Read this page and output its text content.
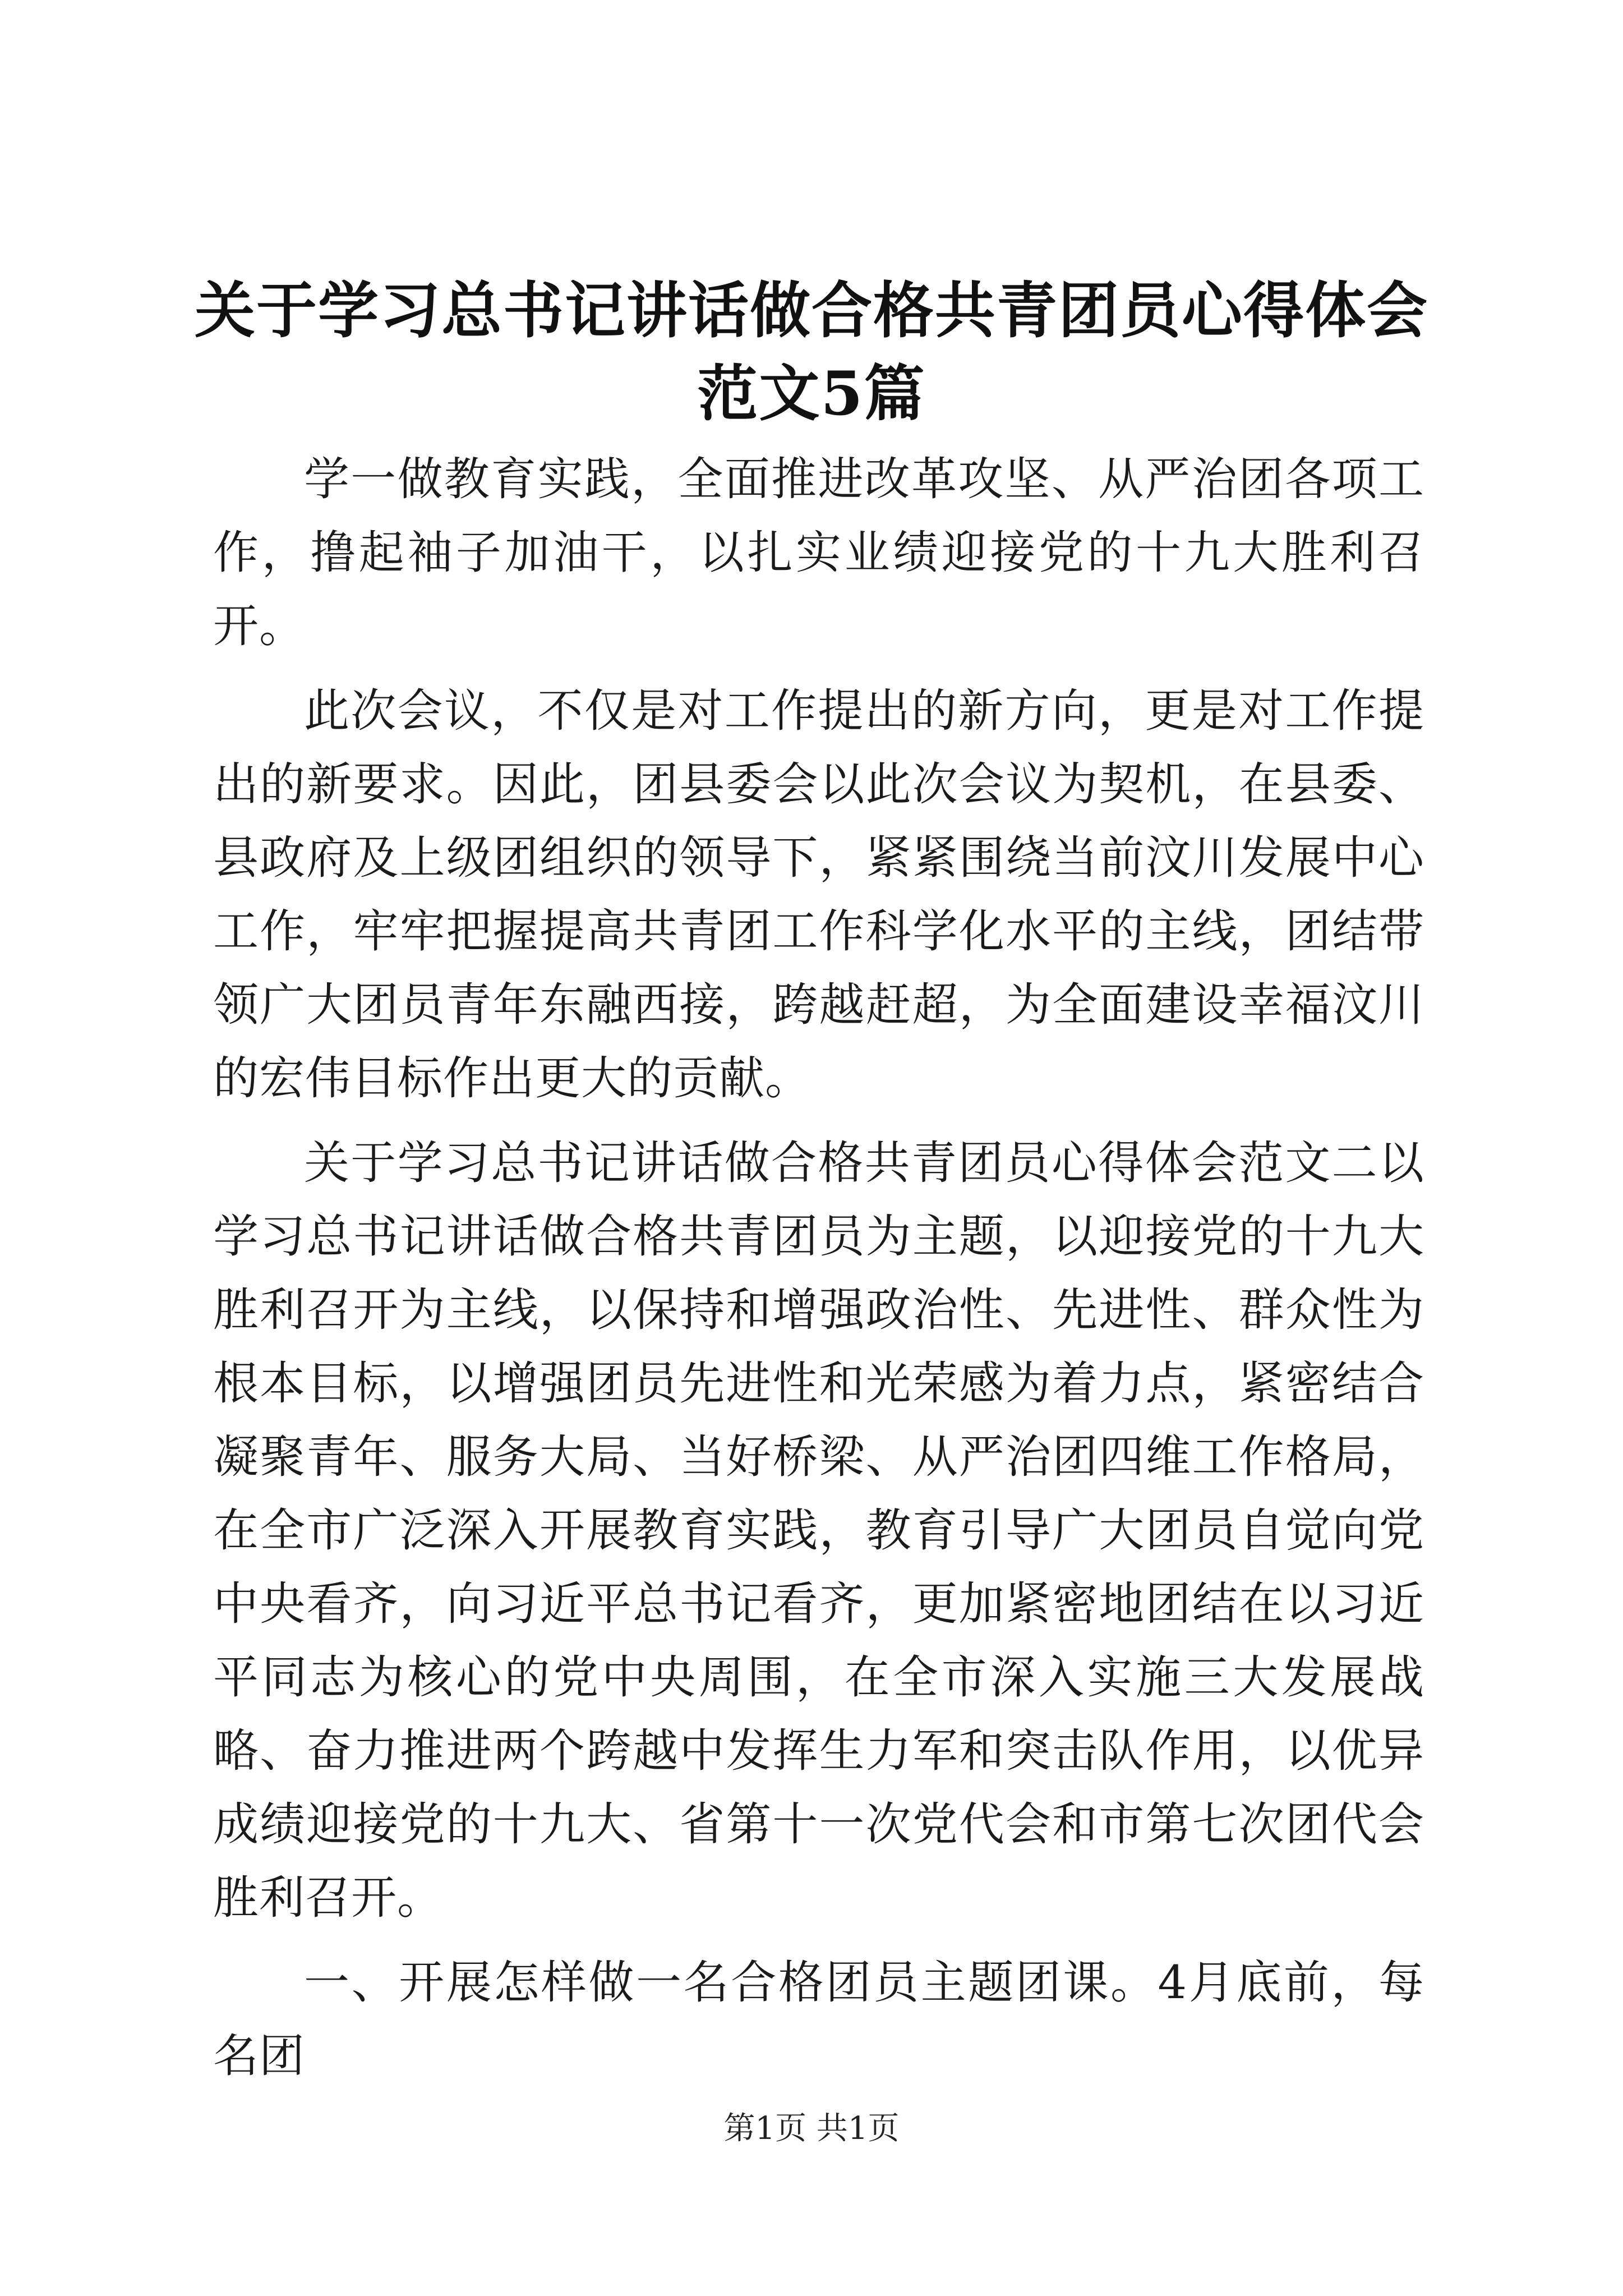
关于学习总书记讲话做合格共青团员心得体会
范文5篇

学一做教育实践，全面推进改革攻坚、从严治团各项工作，撸起袖子加油干，以扎实业绩迎接党的十九大胜利召开。

此次会议，不仅是对工作提出的新方向，更是对工作提出的新要求。因此，团县委会以此次会议为契机，在县委、县政府及上级团组织的领导下，紧紧围绕当前汶川发展中心工作，牢牢把握提高共青团工作科学化水平的主线，团结带领广大团员青年东融西接，跨越赶超，为全面建设幸福汶川的宏伟目标作出更大的贡献。

关于学习总书记讲话做合格共青团员心得体会范文二以学习总书记讲话做合格共青团员为主题，以迎接党的十九大胜利召开为主线，以保持和增强政治性、先进性、群众性为根本目标，以增强团员先进性和光荣感为着力点，紧密结合凝聚青年、服务大局、当好桥梁、从严治团四维工作格局，在全市广泛深入开展教育实践，教育引导广大团员自觉向党中央看齐，向习近平总书记看齐，更加紧密地团结在以习近平同志为核心的党中央周围，在全市深入实施三大发展战略、奋力推进两个跨越中发挥生力军和突击队作用，以优异成绩迎接党的十九大、省第十一次党代会和市第七次团代会胜利召开。

一、开展怎样做一名合格团员主题团课。4月底前，每名团

第1页 共1页
